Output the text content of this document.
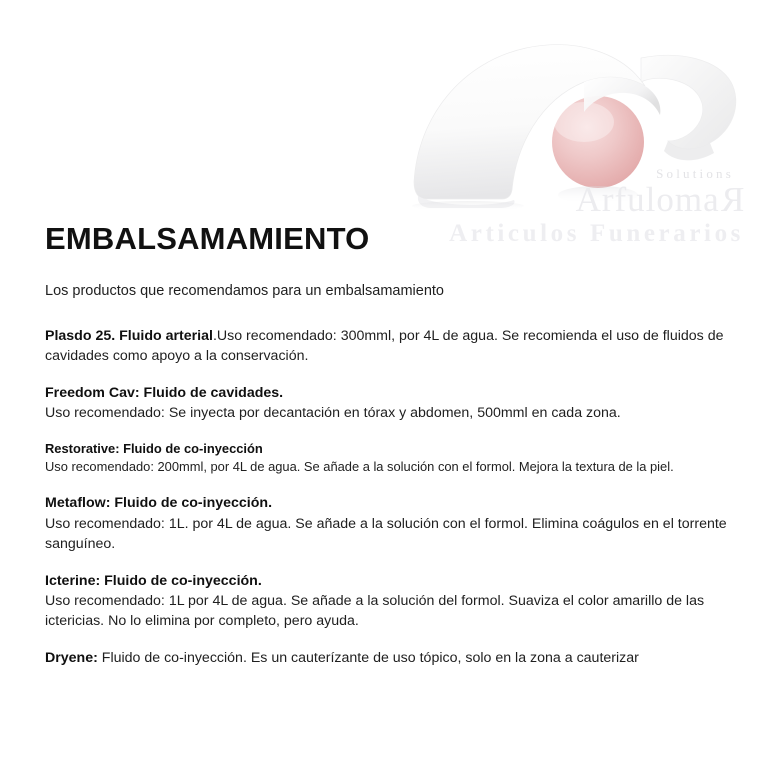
Solutions
ArfulomaR
Articulos Funerarios
EMBALSAMAMIENTO

Los productos que recomendamos para un embalsamamiento

Plasdo 25. Fluido arterial.Uso recomendado: 300mml, por 4L de agua. Se recomienda el uso de fluidos de cavidades como apoyo a la conservación.

Freedom Cav: Fluido de cavidades.

Uso recomendado: Se inyecta por decantación en tórax y abdomen, 500mml en cada zona.

Restorative: Fluido de co-inyección

Uso recomendado: 200mml, por 4L de agua. Se añade a la solución con el formol. Mejora la textura de la piel.

Metaflow: Fluido de co-inyección.

Uso recomendado: 1L. por 4L de agua. Se añade a la solución con el formol. Elimina coágulos en el torrente sanguíneo.

Icterine: Fluido de co-inyección.

Uso recomendado: 1L por 4L de agua. Se añade a la solución del formol. Suaviza el color amarillo de las ictericias. No lo elimina por completo, pero ayuda.

Dryene: Fluido de co-inyección. Es un cauterízante de uso tópico, solo en la zona a cauterizar
